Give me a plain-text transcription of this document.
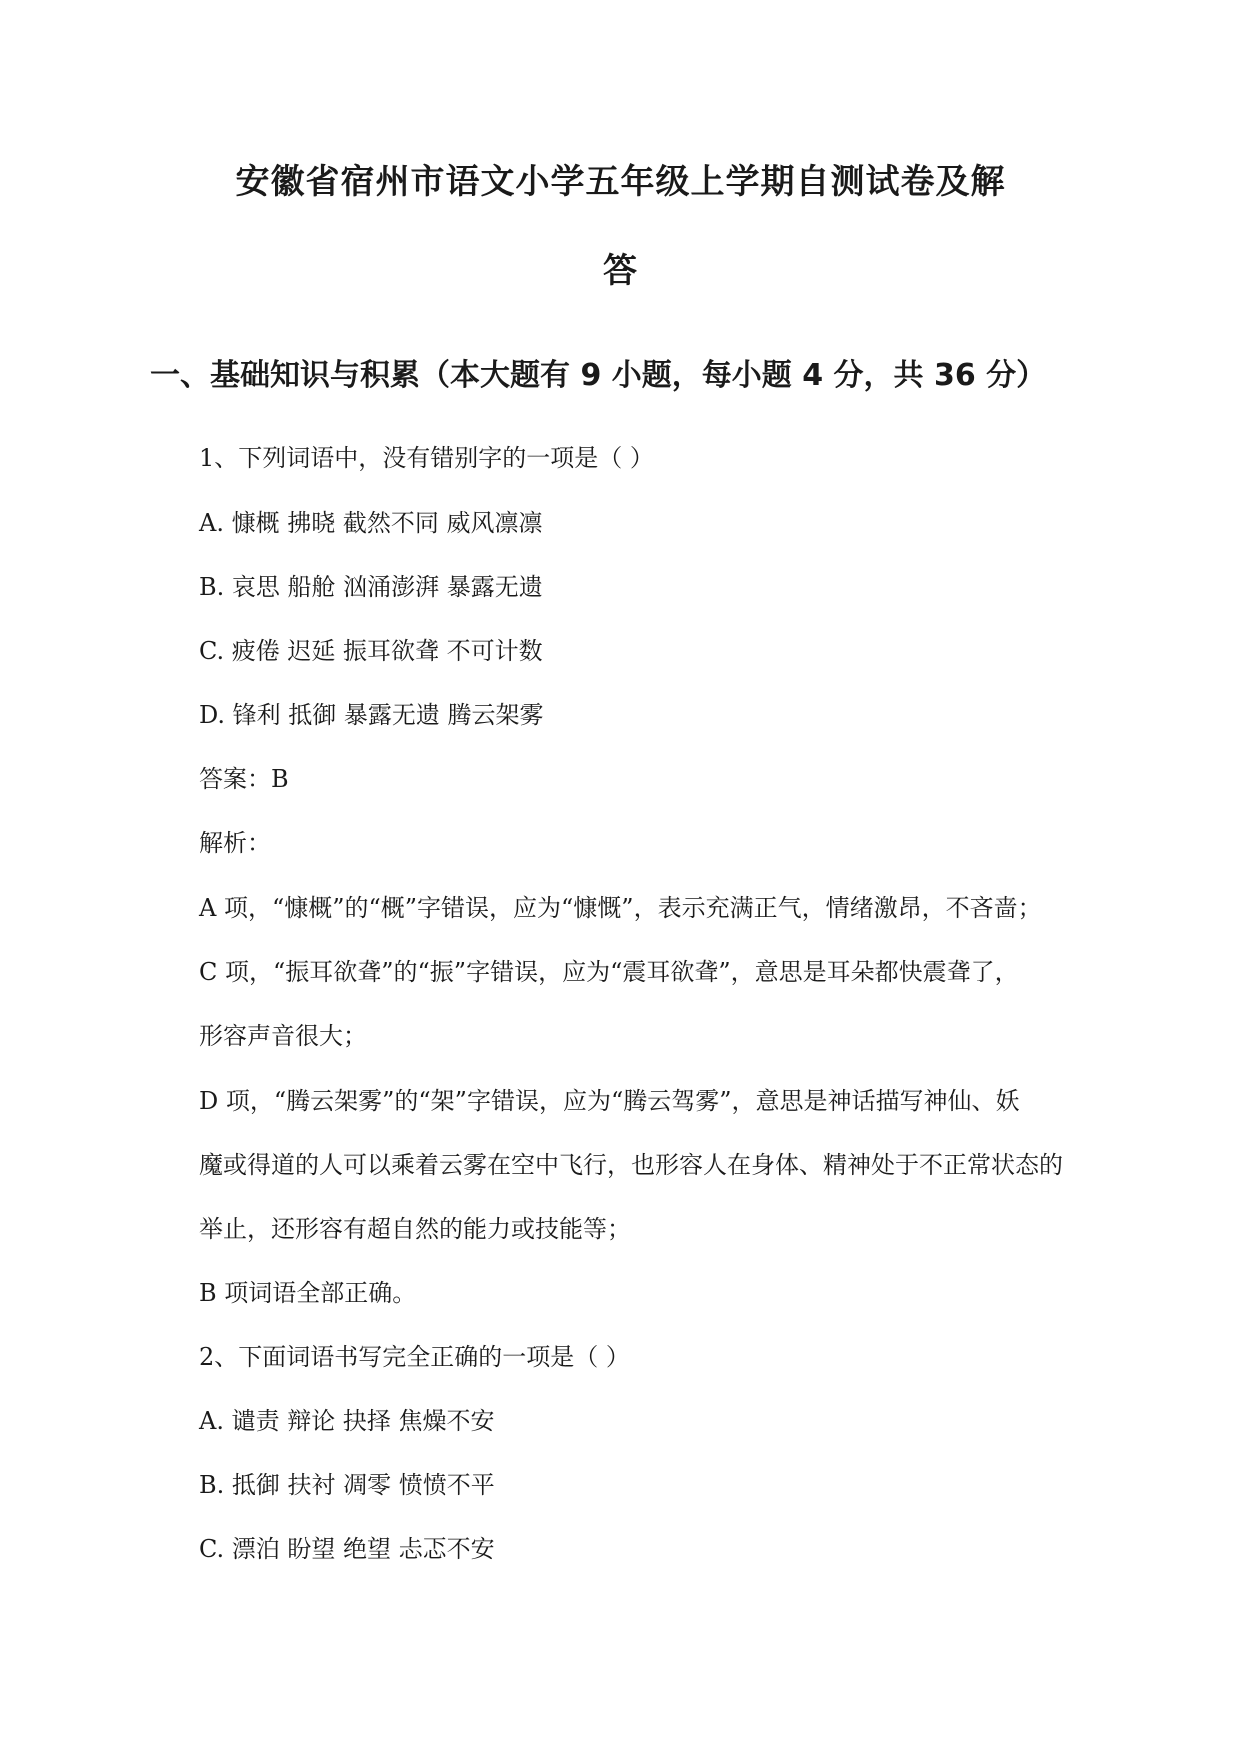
安徽省宿州市语文小学五年级上学期自测试卷及解
答
一、基础知识与积累（本大题有 9 小题，每小题 4 分，共 36 分）
1、下列词语中，没有错别字的一项是（ ）
A. 慷概 拂晓 截然不同 威风凛凛
B. 哀思 船舱 汹涌澎湃 暴露无遗
C. 疲倦 迟延 振耳欲聋 不可计数
D. 锋利 抵御 暴露无遗 腾云架雾
答案：B
解析：
A 项，“慷概”的“概”字错误，应为“慷慨”，表示充满正气，情绪激昂，不吝啬；
C 项，“振耳欲聋”的“振”字错误，应为“震耳欲聋”，意思是耳朵都快震聋了，
形容声音很大；
D 项，“腾云架雾”的“架”字错误，应为“腾云驾雾”，意思是神话描写神仙、妖
魔或得道的人可以乘着云雾在空中飞行，也形容人在身体、精神处于不正常状态的
举止，还形容有超自然的能力或技能等；
B 项词语全部正确。
2、下面词语书写完全正确的一项是（ ）
A. 谴责 辩论 抉择 焦燥不安
B. 抵御 扶衬 凋零 愤愤不平
C. 漂泊 盼望 绝望 忐忑不安
